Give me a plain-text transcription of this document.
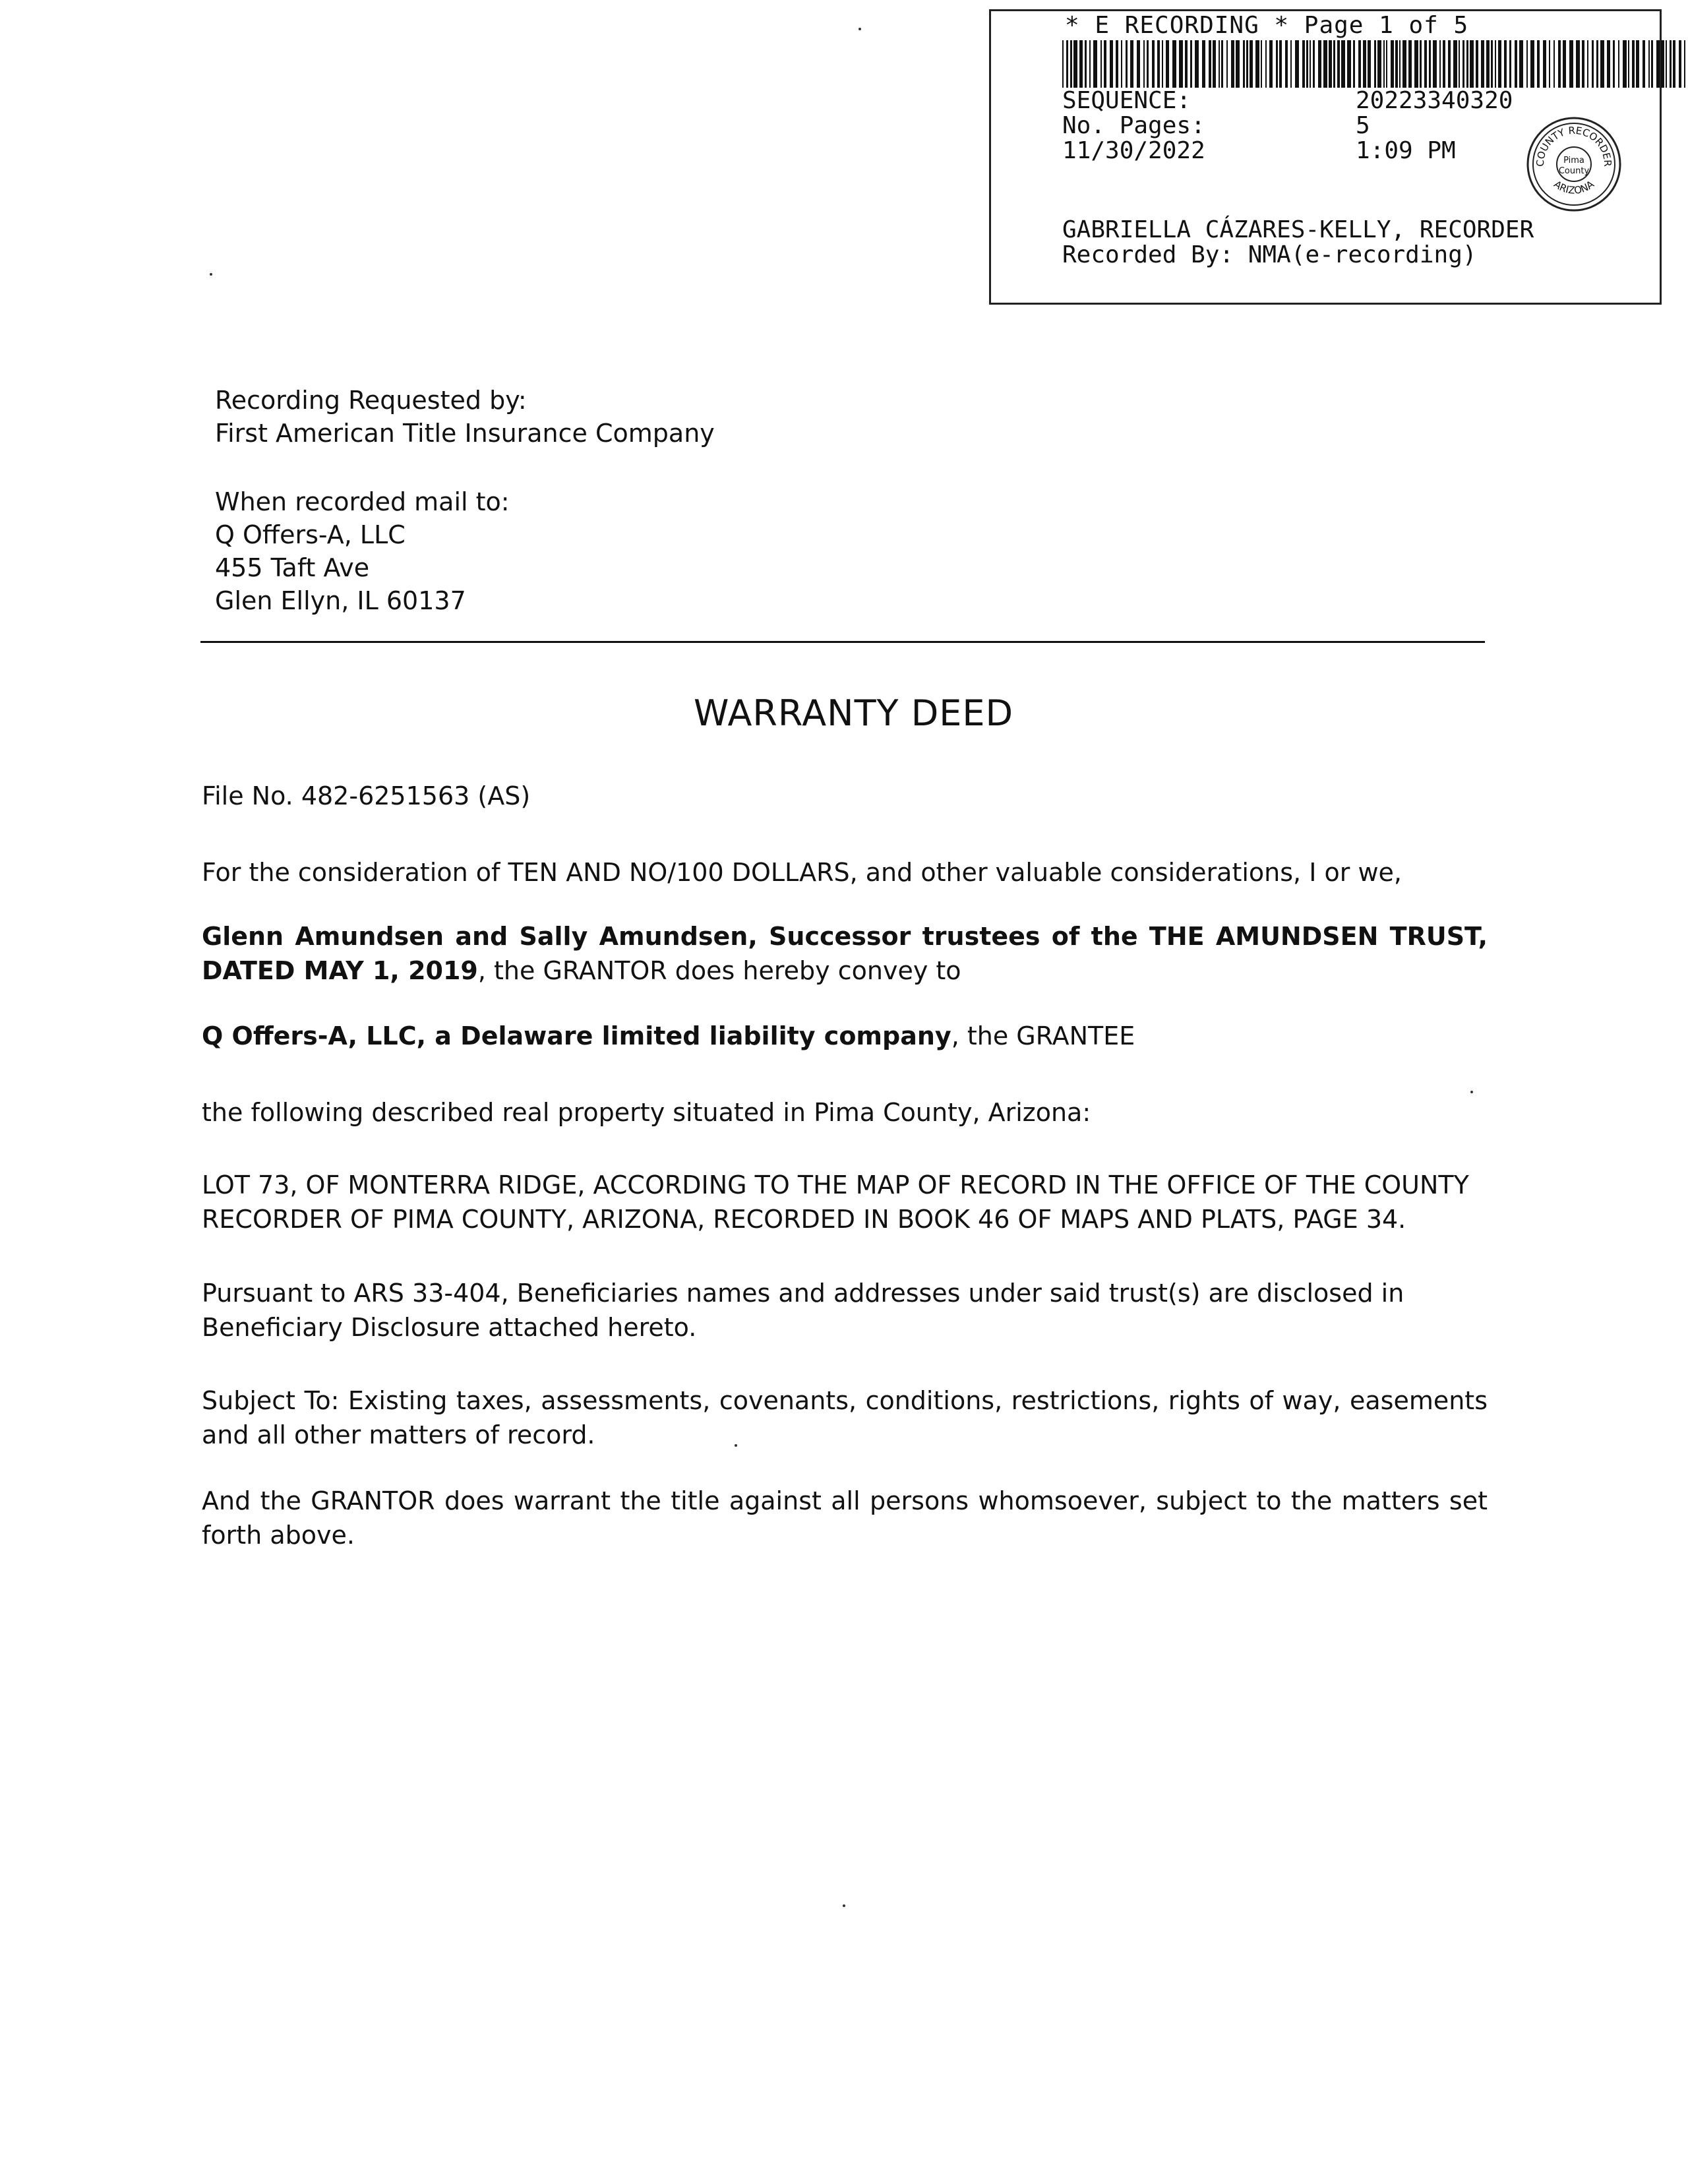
* E RECORDING * Page 1 of 5
SEQUENCE:	20223340320
No. Pages:	5
11/30/2022	1:09 PM	COUNTY RECORDER
ARIZONA
Pima
County
GABRIELLA CÁZARES-KELLY, RECORDER
Recorded By: NMA(e-recording)
Recording Requested by:
First American Title Insurance Company
When recorded mail to:
Q Offers-A, LLC
455 Taft Ave
Glen Ellyn, IL 60137
WARRANTY DEED
File No. 482-6251563 (AS)
For the consideration of TEN AND NO/100 DOLLARS, and other valuable considerations, I or we,
Glenn Amundsen and Sally Amundsen, Successor trustees of the THE AMUNDSEN TRUST, DATED MAY 1, 2019, the GRANTOR does hereby convey to
Q Offers-A, LLC, a Delaware limited liability company, the GRANTEE
the following described real property situated in Pima County, Arizona:
LOT 73, OF MONTERRA RIDGE, ACCORDING TO THE MAP OF RECORD IN THE OFFICE OF THE COUNTY
RECORDER OF PIMA COUNTY, ARIZONA, RECORDED IN BOOK 46 OF MAPS AND PLATS, PAGE 34.
Pursuant to ARS 33-404, Beneficiaries names and addresses under said trust(s) are disclosed in
Beneficiary Disclosure attached hereto.
Subject To: Existing taxes, assessments, covenants, conditions, restrictions, rights of way, easements and all other matters of record.
And the GRANTOR does warrant the title against all persons whomsoever, subject to the matters set forth above.
